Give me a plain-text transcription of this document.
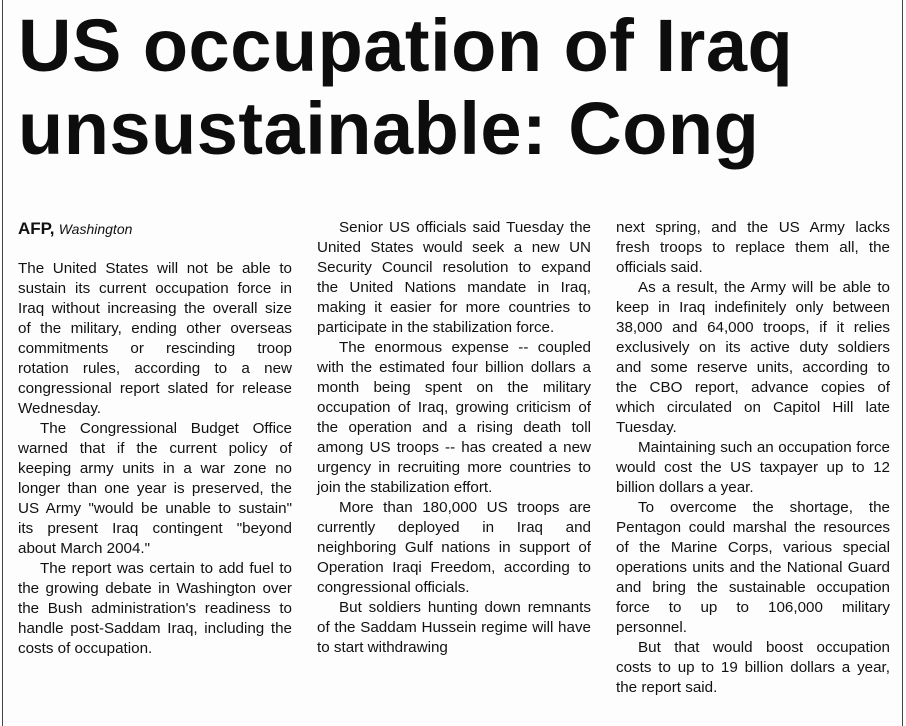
US occupation of Iraq
unsustainable: Cong
AFP, Washington

The United States will not be able to sustain its current occupation force in Iraq without increasing the overall size of the military, ending other overseas commitments or rescinding troop rotation rules, according to a new congressional report slated for release Wednesday.

The Congressional Budget Office warned that if the current policy of keeping army units in a war zone no longer than one year is preserved, the US Army "would be unable to sustain" its present Iraq contingent "beyond about March 2004."

The report was certain to add fuel to the growing debate in Washington over the Bush administration's readiness to handle post-Saddam Iraq, including the costs of occupation.

Senior US officials said Tuesday the United States would seek a new UN Security Council resolution to expand the United Nations mandate in Iraq, making it easier for more countries to participate in the stabilization force.

The enormous expense -- coupled with the estimated four billion dollars a month being spent on the military occupation of Iraq, growing criticism of the operation and a rising death toll among US troops -- has created a new urgency in recruiting more countries to join the stabilization effort.

More than 180,000 US troops are currently deployed in Iraq and neighboring Gulf nations in support of Operation Iraqi Freedom, according to congressional officials.

But soldiers hunting down remnants of the Saddam Hussein regime will have to start withdrawing

next spring, and the US Army lacks fresh troops to replace them all, the officials said.

As a result, the Army will be able to keep in Iraq indefinitely only between 38,000 and 64,000 troops, if it relies exclusively on its active duty soldiers and some reserve units, according to the CBO report, advance copies of which circulated on Capitol Hill late Tuesday.

Maintaining such an occupation force would cost the US taxpayer up to 12 billion dollars a year.

To overcome the shortage, the Pentagon could marshal the resources of the Marine Corps, various special operations units and the National Guard and bring the sustainable occupation force to up to 106,000 military personnel.

But that would boost occupation costs to up to 19 billion dollars a year, the report said.
